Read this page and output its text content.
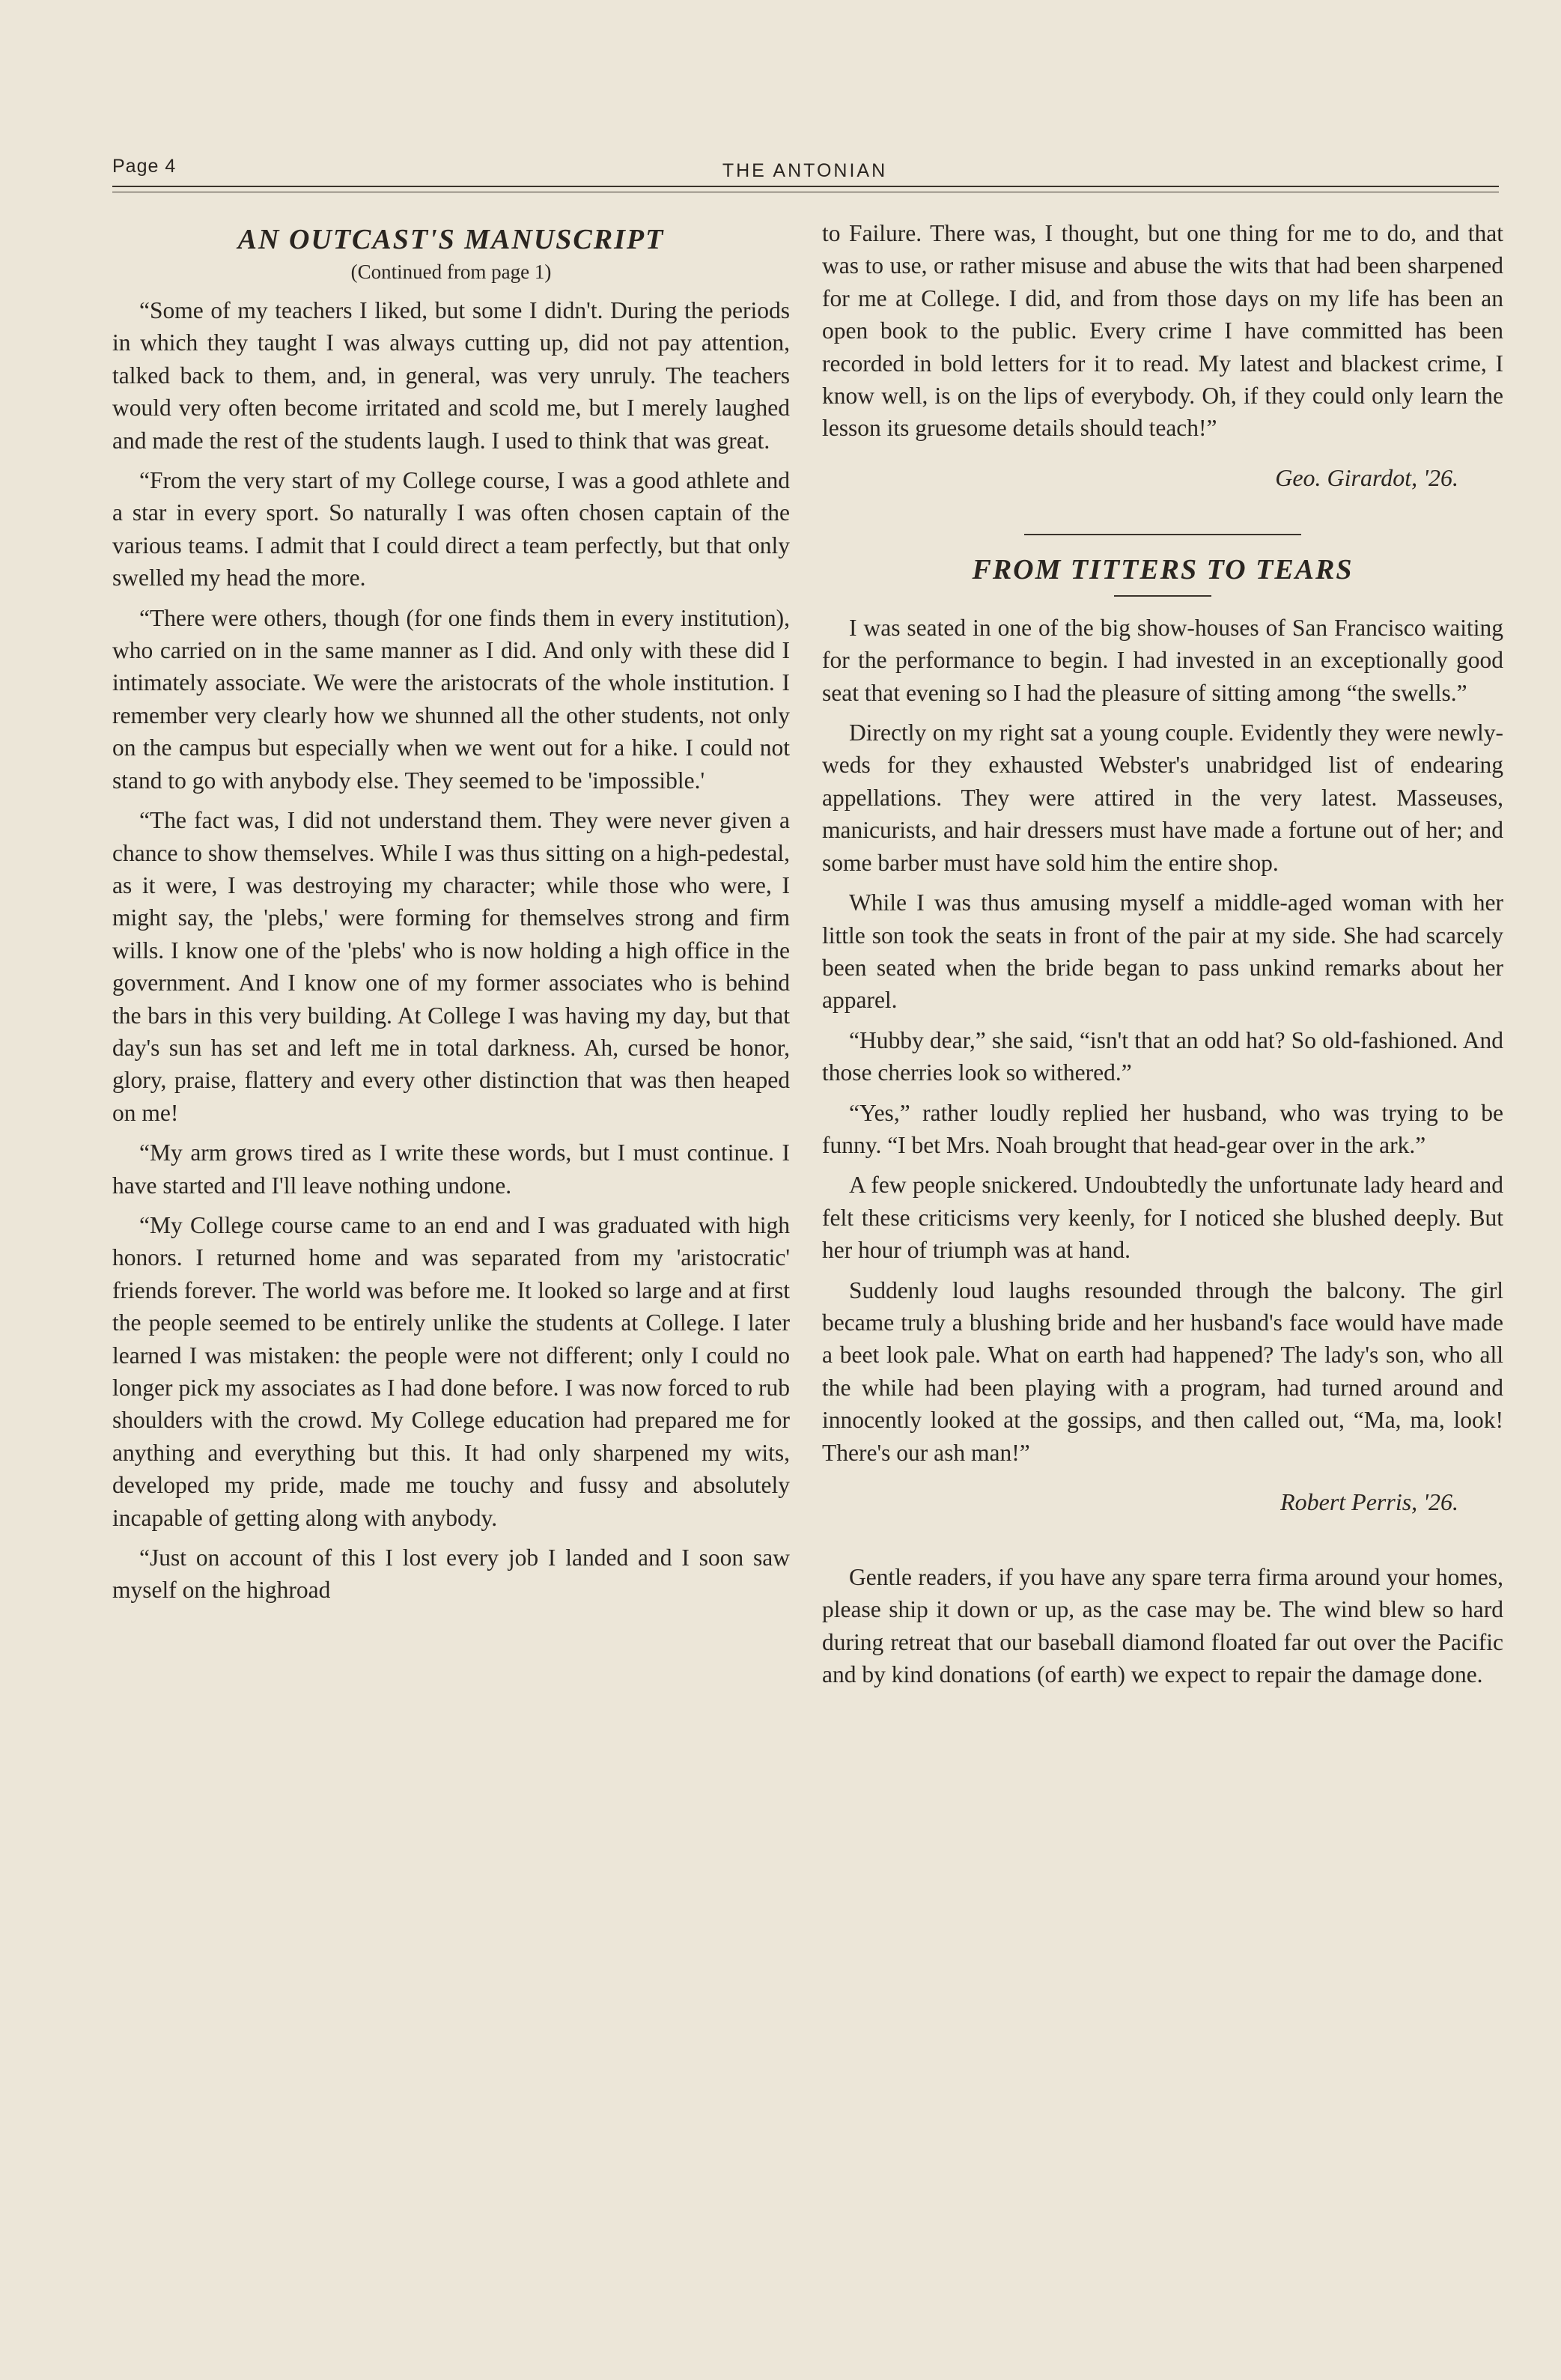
Page 4	THE ANTONIAN
AN OUTCAST'S MANUSCRIPT
(Continued from page 1)

“Some of my teachers I liked, but some I didn't. During the periods in which they taught I was always cutting up, did not pay attention, talked back to them, and, in general, was very unruly. The teachers would very often become irritated and scold me, but I merely laughed and made the rest of the students laugh. I used to think that was great.

“From the very start of my College course, I was a good athlete and a star in every sport. So naturally I was often chosen captain of the various teams. I admit that I could direct a team perfectly, but that only swelled my head the more.

“There were others, though (for one finds them in every institution), who carried on in the same manner as I did. And only with these did I intimately associate. We were the aristocrats of the whole institution. I remember very clearly how we shunned all the other students, not only on the campus but especially when we went out for a hike. I could not stand to go with anybody else. They seemed to be 'impossible.'

“The fact was, I did not understand them. They were never given a chance to show themselves. While I was thus sitting on a high-pedestal, as it were, I was destroying my character; while those who were, I might say, the 'plebs,' were forming for themselves strong and firm wills. I know one of the 'plebs' who is now holding a high office in the government. And I know one of my former associates who is behind the bars in this very building. At College I was having my day, but that day's sun has set and left me in total darkness. Ah, cursed be honor, glory, praise, flattery and every other distinction that was then heaped on me!

“My arm grows tired as I write these words, but I must continue. I have started and I'll leave nothing undone.

“My College course came to an end and I was graduated with high honors. I returned home and was separated from my 'aristocratic' friends forever. The world was before me. It looked so large and at first the people seemed to be entirely unlike the students at College. I later learned I was mistaken: the people were not different; only I could no longer pick my associates as I had done before. I was now forced to rub shoulders with the crowd. My College education had prepared me for anything and everything but this. It had only sharpened my wits, developed my pride, made me touchy and fussy and absolutely incapable of getting along with anybody.

“Just on account of this I lost every job I landed and I soon saw myself on the highroad

to Failure. There was, I thought, but one thing for me to do, and that was to use, or rather misuse and abuse the wits that had been sharpened for me at College. I did, and from those days on my life has been an open book to the public. Every crime I have committed has been recorded in bold letters for it to read. My latest and blackest crime, I know well, is on the lips of everybody. Oh, if they could only learn the lesson its gruesome details should teach!”

Geo. Girardot, '26.
FROM TITTERS TO TEARS

I was seated in one of the big show-houses of San Francisco waiting for the performance to begin. I had invested in an exceptionally good seat that evening so I had the pleasure of sitting among “the swells.”

Directly on my right sat a young couple. Evidently they were newly-weds for they exhausted Webster's unabridged list of endearing appellations. They were attired in the very latest. Masseuses, manicurists, and hair dressers must have made a fortune out of her; and some barber must have sold him the entire shop.

While I was thus amusing myself a middle-aged woman with her little son took the seats in front of the pair at my side. She had scarcely been seated when the bride began to pass unkind remarks about her apparel.

“Hubby dear,” she said, “isn't that an odd hat? So old-fashioned. And those cherries look so withered.”

“Yes,” rather loudly replied her husband, who was trying to be funny. “I bet Mrs. Noah brought that head-gear over in the ark.”

A few people snickered. Undoubtedly the unfortunate lady heard and felt these criticisms very keenly, for I noticed she blushed deeply. But her hour of triumph was at hand.

Suddenly loud laughs resounded through the balcony. The girl became truly a blushing bride and her husband's face would have made a beet look pale. What on earth had happened? The lady's son, who all the while had been playing with a program, had turned around and innocently looked at the gossips, and then called out, “Ma, ma, look! There's our ash man!”

Robert Perris, '26.

Gentle readers, if you have any spare terra firma around your homes, please ship it down or up, as the case may be. The wind blew so hard during retreat that our baseball diamond floated far out over the Pacific and by kind donations (of earth) we expect to repair the damage done.
